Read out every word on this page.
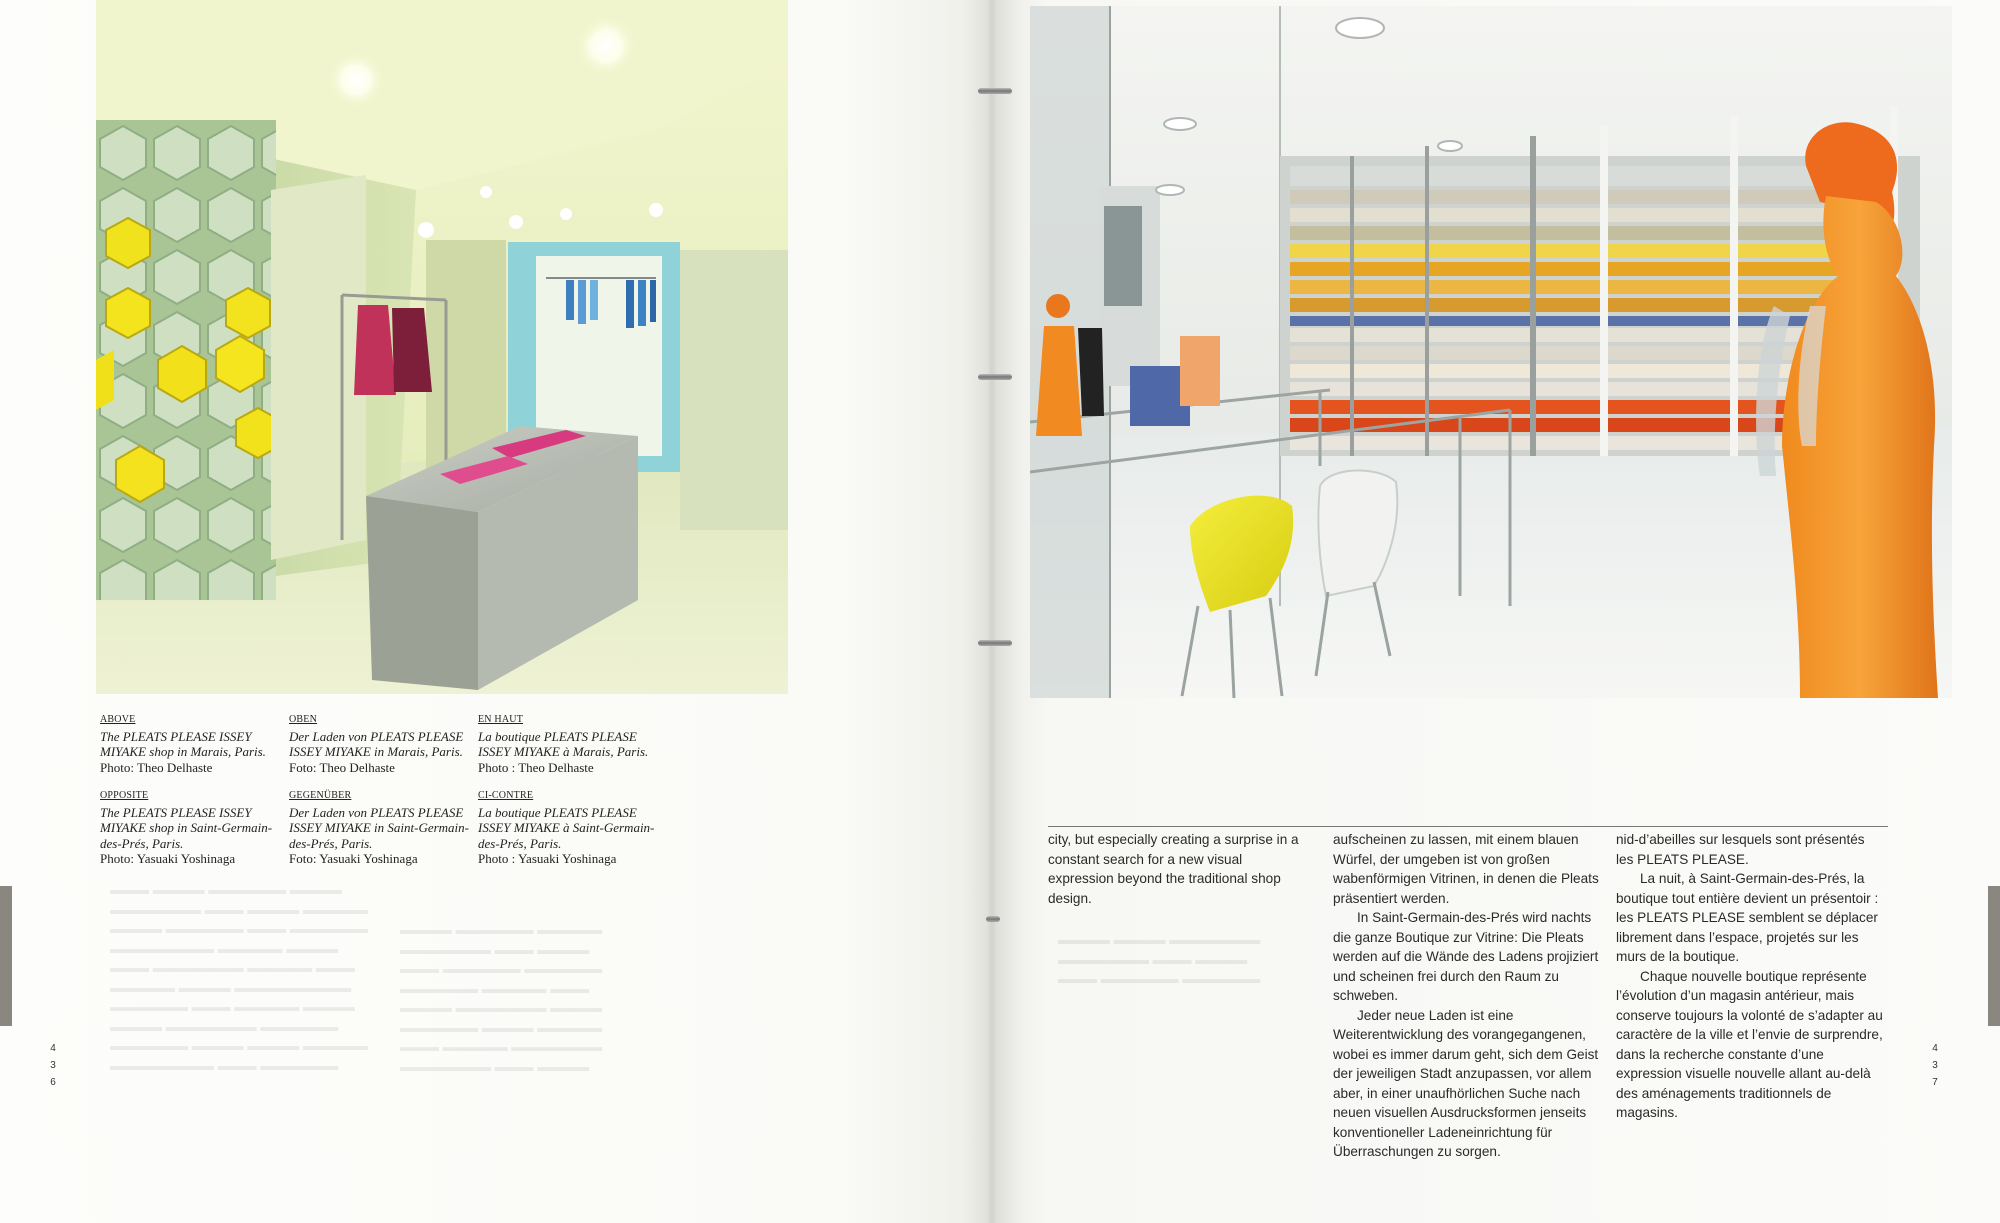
▬▬▬ ▬▬▬▬ ▬▬▬▬▬▬ ▬▬▬▬
▬▬▬▬▬▬▬ ▬▬▬ ▬▬▬▬ ▬▬▬▬▬
▬▬▬▬ ▬▬▬▬▬▬ ▬▬▬ ▬▬▬▬▬▬
▬▬▬▬▬▬▬▬ ▬▬▬▬▬ ▬▬▬▬
▬▬▬ ▬▬▬▬▬▬▬ ▬▬▬▬▬ ▬▬▬
▬▬▬▬▬ ▬▬▬▬ ▬▬▬▬▬▬▬▬▬
▬▬▬▬▬▬ ▬▬▬ ▬▬▬▬▬ ▬▬▬▬
▬▬▬▬ ▬▬▬▬▬▬▬ ▬▬▬▬▬▬
▬▬▬▬▬▬ ▬▬▬▬ ▬▬▬▬ ▬▬▬▬▬
▬▬▬▬▬▬▬▬ ▬▬▬ ▬▬▬▬▬▬
▬▬▬▬ ▬▬▬▬▬▬ ▬▬▬▬▬
▬▬▬▬▬▬▬ ▬▬▬ ▬▬▬▬
▬▬▬ ▬▬▬▬▬▬ ▬▬▬▬▬▬
▬▬▬▬▬▬ ▬▬▬▬▬ ▬▬▬
▬▬▬▬ ▬▬▬▬▬▬▬ ▬▬▬▬
▬▬▬▬▬▬ ▬▬▬▬ ▬▬▬▬▬
▬▬▬ ▬▬▬▬▬ ▬▬▬▬▬▬▬
▬▬▬▬▬▬▬ ▬▬▬ ▬▬▬▬
▬▬▬▬ ▬▬▬▬ ▬▬▬▬▬▬▬
▬▬▬▬▬▬▬ ▬▬▬ ▬▬▬▬
▬▬▬ ▬▬▬▬▬▬ ▬▬▬▬▬▬
ABOVE
The PLEATS PLEASE ISSEY MIYAKE shop in Marais, Paris.
Photo: Theo Delhaste
OBEN
Der Laden von PLEATS PLEASE ISSEY MIYAKE in Marais, Paris.
Foto: Theo Delhaste
EN HAUT
La boutique PLEATS PLEASE ISSEY MIYAKE à Marais, Paris.
Photo : Theo Delhaste
OPPOSITE
The PLEATS PLEASE ISSEY MIYAKE shop in Saint-Germain-des-Prés, Paris.
Photo: Yasuaki Yoshinaga
GEGENÜBER
Der Laden von PLEATS PLEASE ISSEY MIYAKE in Saint-Germain-des-Prés, Paris.
Foto: Yasuaki Yoshinaga
CI-CONTRE
La boutique PLEATS PLEASE ISSEY MIYAKE à Saint-Germain-des-Prés, Paris.
Photo : Yasuaki Yoshinaga
4
3
6
4
3
7

city, but especially creating a surprise in a constant search for a new visual expression beyond the traditional shop design.

aufscheinen zu lassen, mit einem blauen Würfel, der umgeben ist von großen wabenförmigen Vitrinen, in denen die Pleats präsentiert werden.

In Saint-Germain-des-Prés wird nachts die ganze Boutique zur Vitrine: Die Pleats werden auf die Wände des Ladens projiziert und scheinen frei durch den Raum zu schweben.

Jeder neue Laden ist eine Weiterentwicklung des vorangegangenen, wobei es immer darum geht, sich dem Geist der jeweiligen Stadt anzupassen, vor allem aber, in einer unaufhörlichen Suche nach neuen visuellen Ausdrucksformen jenseits konventioneller Ladeneinrichtung für Überraschungen zu sorgen.

nid-d’abeilles sur lesquels sont présentés les PLEATS PLEASE.

La nuit, à Saint-Germain-des-Prés, la boutique tout entière devient un présentoir : les PLEATS PLEASE semblent se déplacer librement dans l’espace, projetés sur les murs de la boutique.

Chaque nouvelle boutique représente l’évolution d’un magasin antérieur, mais conserve toujours la volonté de s’adapter au caractère de la ville et l’envie de surprendre, dans la recherche constante d’une expression visuelle nouvelle allant au-delà des aménagements traditionnels de magasins.
